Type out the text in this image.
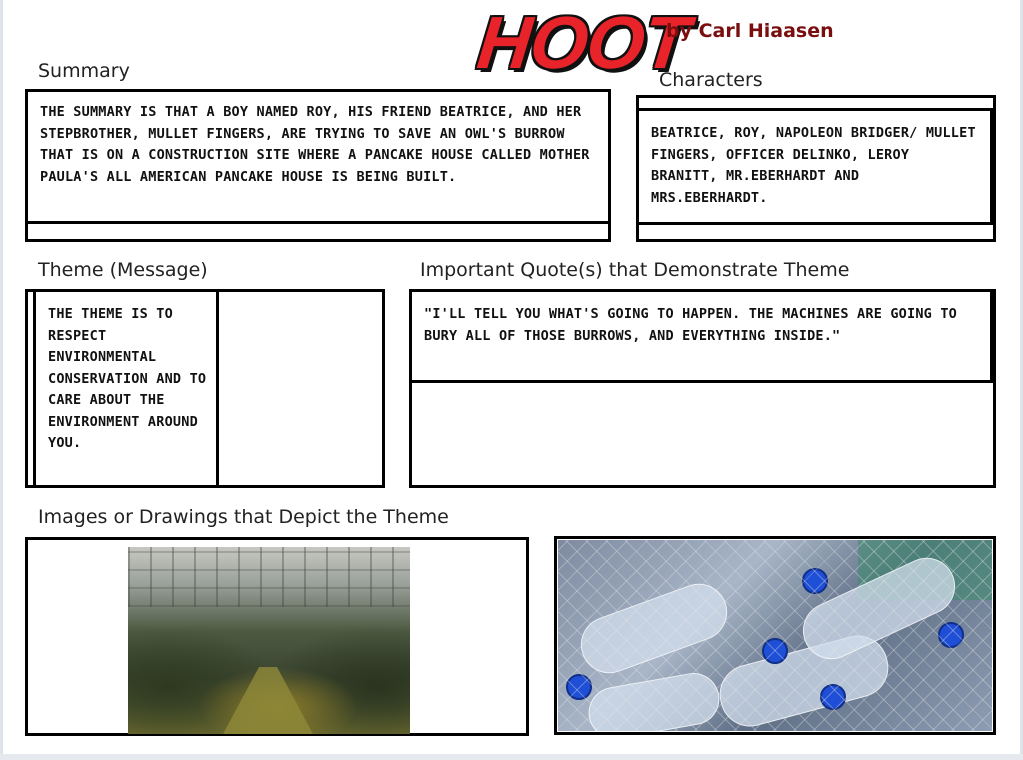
HOOT
by Carl Hiaasen
Summary
THE SUMMARY IS THAT A BOY NAMED ROY, HIS FRIEND BEATRICE, AND HER STEPBROTHER, MULLET FINGERS, ARE TRYING TO SAVE AN OWL'S BURROW THAT IS ON A CONSTRUCTION SITE WHERE A PANCAKE HOUSE CALLED MOTHER PAULA'S ALL AMERICAN PANCAKE HOUSE IS BEING BUILT.
Characters
BEATRICE, ROY, NAPOLEON BRIDGER/ MULLET FINGERS, OFFICER DELINKO, LEROY BRANITT, MR.EBERHARDT AND MRS.EBERHARDT.
Theme (Message)
THE THEME IS TO RESPECT ENVIRONMENTAL CONSERVATION AND TO CARE ABOUT THE ENVIRONMENT AROUND YOU.
Important Quote(s) that Demonstrate Theme
"I'LL TELL YOU WHAT'S GOING TO HAPPEN. THE MACHINES ARE GOING TO BURY ALL OF THOSE BURROWS, AND EVERYTHING INSIDE."
Images or Drawings that Depict the Theme
